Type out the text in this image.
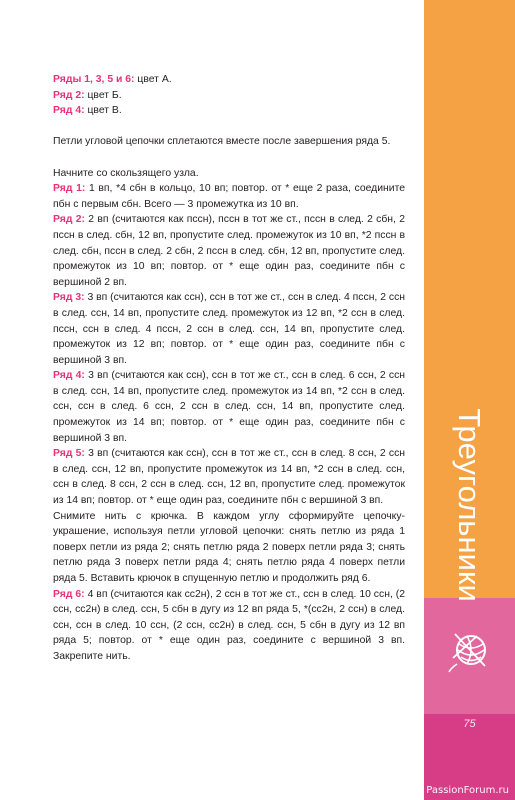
Ряды 1, 3, 5 и 6: цвет А.

Ряд 2: цвет Б.

Ряд 4: цвет В.

Петли угловой цепочки сплетаются вместе после завершения ряда 5.

Начните со скользящего узла.

Ряд 1: 1 вп, *4 сбн в кольцо, 10 вп; повтор. от * еще 2 раза, соедините пбн с первым сбн. Всего — 3 промежутка из 10 вп.

Ряд 2: 2 вп (считаются как пссн), пссн в тот же ст., пссн в след. 2 сбн, 2 пссн в след. сбн, 12 вп, пропустите след. промежуток из 10 вп, *2 пссн в след. сбн, пссн в след. 2 сбн, 2 пссн в след. сбн, 12 вп, пропустите след. промежуток из 10 вп; повтор. от * еще один раз, соедините пбн с вершиной 2 вп.

Ряд 3: 3 вп (считаются как ссн), ссн в тот же ст., ссн в след. 4 пссн, 2 ссн в след. ссн, 14 вп, пропустите след. промежуток из 12 вп, *2 ссн в след. пссн, ссн в след. 4 пссн, 2 ссн в след. ссн, 14 вп, пропустите след. промежуток из 12 вп; повтор. от * еще один раз, соедините пбн с вершиной 3 вп.

Ряд 4: 3 вп (считаются как ссн), ссн в тот же ст., ссн в след. 6 ссн, 2 ссн в след. ссн, 14 вп, пропустите след. промежуток из 14 вп, *2 ссн в след. ссн, ссн в след. 6 ссн, 2 ссн в след. ссн, 14 вп, пропустите след. промежуток из 14 вп; повтор. от * еще один раз, соедините пбн с вершиной 3 вп.

Ряд 5: 3 вп (считаются как ссн), ссн в тот же ст., ссн в след. 8 ссн, 2 ссн в след. ссн, 12 вп, пропустите промежуток из 14 вп, *2 ссн в след. ссн, ссн в след. 8 ссн, 2 ссн в след. ссн, 12 вп, пропустите след. промежуток из 14 вп; повтор. от * еще один раз, соедините пбн с вершиной 3 вп.

Снимите нить с крючка. В каждом углу сформируйте цепочку-украшение, используя петли угловой цепочки: снять петлю из ряда 1 поверх петли из ряда 2; снять петлю ряда 2 поверх петли ряда 3; снять петлю ряда 3 поверх петли ряда 4; снять петлю ряда 4 поверх петли ряда 5. Вставить крючок в спущенную петлю и продолжить ряд 6.

Ряд 6: 4 вп (считаются как сс2н), 2 ссн в тот же ст., ссн в след. 10 ссн, (2 ссн, сс2н) в след. ссн, 5 сбн в дугу из 12 вп ряда 5, *(сс2н, 2 ссн) в след. ссн, ссн в след. 10 ссн, (2 ссн, сс2н) в след. ссн, 5 сбн в дугу из 12 вп ряда 5; повтор. от * еще один раз, соедините с вершиной 3 вп. Закрепите нить.

Треугольники
75
PassionForum.ru
